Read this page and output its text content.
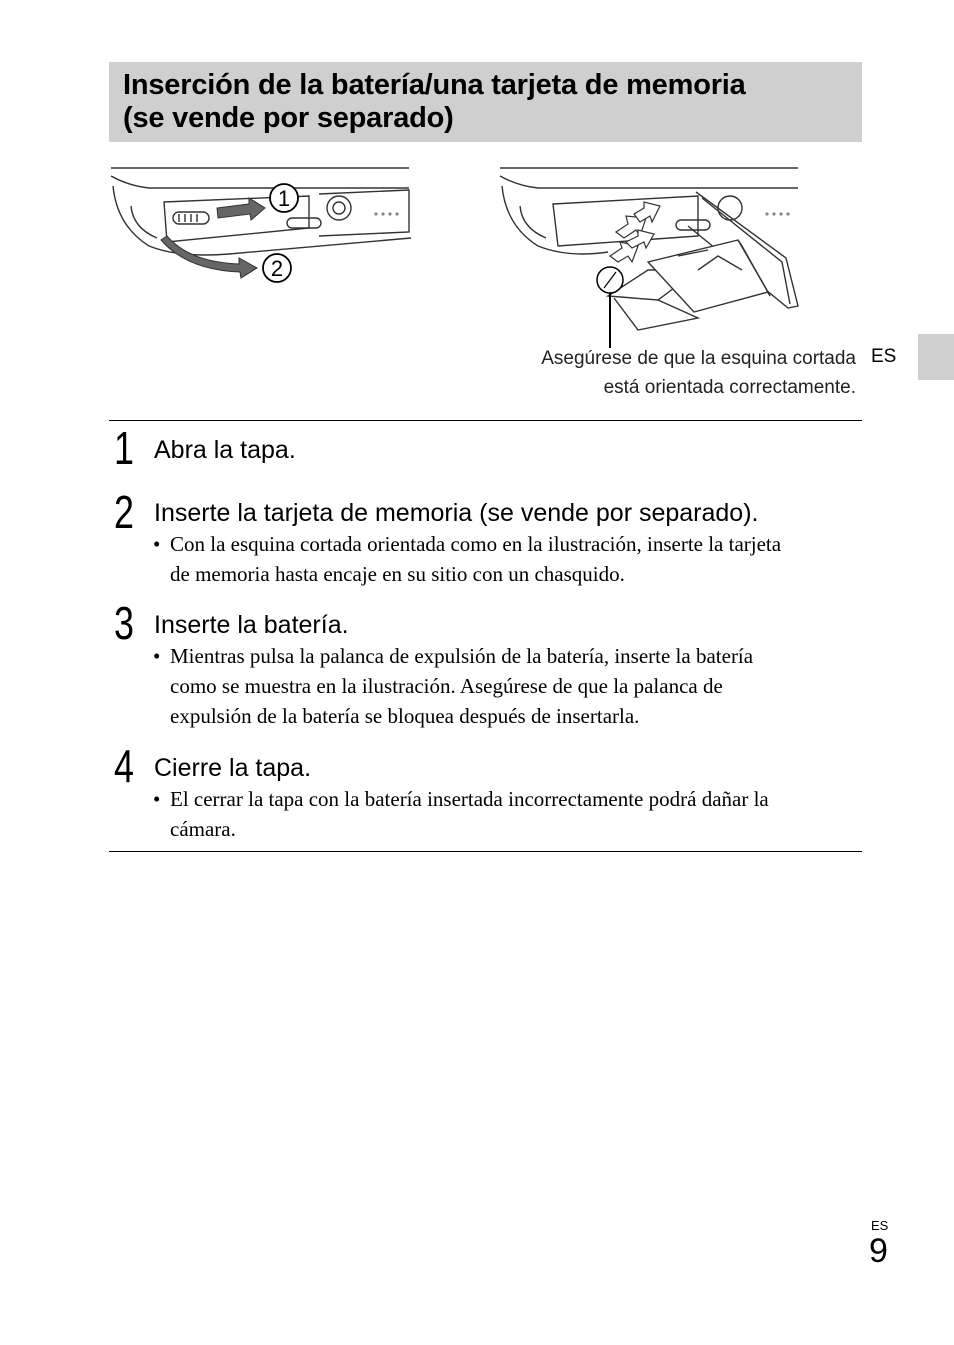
Inserción de la batería/una tarjeta de memoria
(se vende por separado)
1
2
Asegúrese de que la esquina cortada
está orientada correctamente.
ES
1 Abra la tapa.
2 Inserte la tarjeta de memoria (se vende por separado).
• Con la esquina cortada orientada como en la ilustración, inserte la tarjeta
de memoria hasta encaje en su sitio con un chasquido.
3 Inserte la batería.
• Mientras pulsa la palanca de expulsión de la batería, inserte la batería
como se muestra en la ilustración. Asegúrese de que la palanca de
expulsión de la batería se bloquea después de insertarla.
4 Cierre la tapa.
• El cerrar la tapa con la batería insertada incorrectamente podrá dañar la
cámara.
ES
9
